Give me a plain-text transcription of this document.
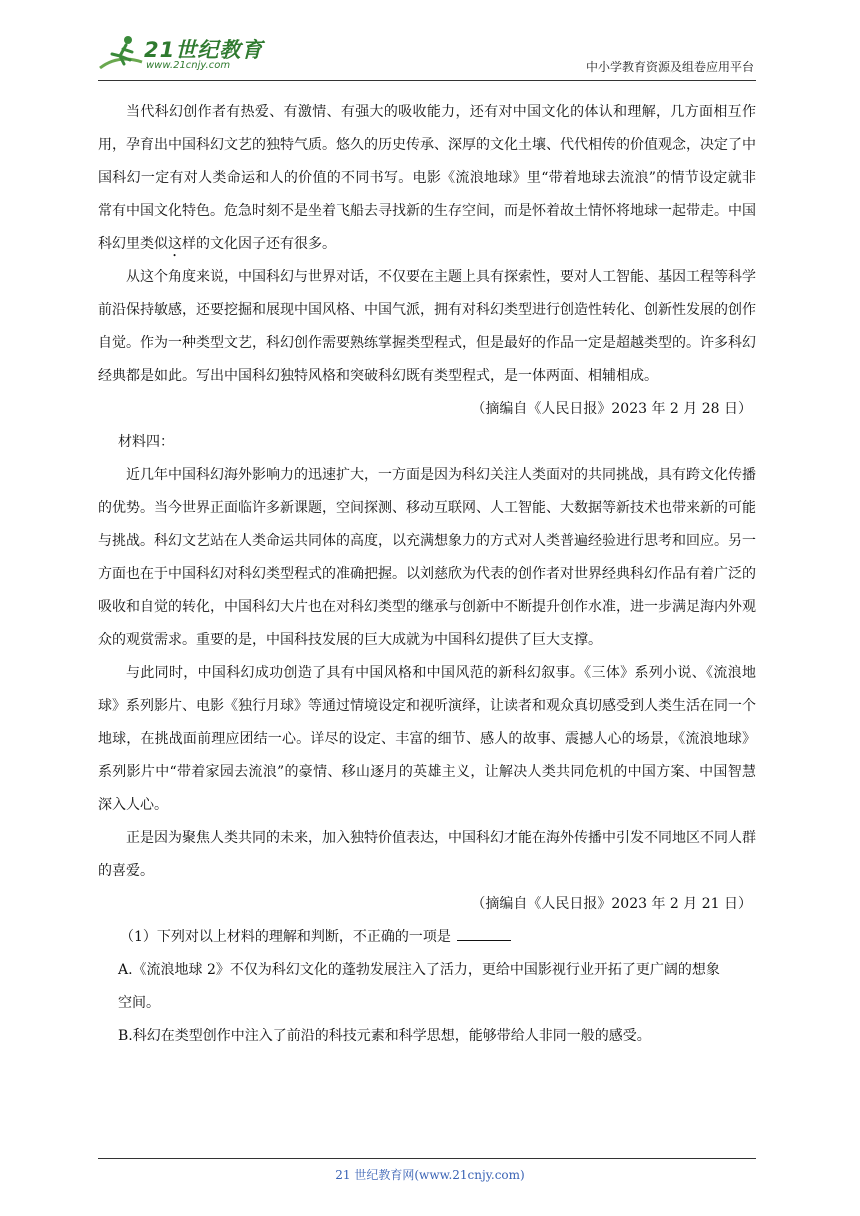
21世纪教育
www.21cnjy.com	中小学教育资源及组卷应用平台

当代科幻创作者有热爱、有激情、有强大的吸收能力，还有对中国文化的体认和理解，几方面相互作用，孕育出中国科幻文艺的独特气质。悠久的历史传承、深厚的文化土壤、代代相传的价值观念，决定了中国科幻一定有对人类命运和人的价值的不同书写。电影《流浪地球》里“带着地球去流浪”的情节设定就非常有中国文化特色。危急时刻不是坐着飞船去寻找新的生存空间，而是怀着故土情怀将地球一起带走。中国科幻里类似这样的文化因子还有很多。

从这个角度来说，中国科幻与世界对话，不仅要在主题上具有探索性，要对人工智能、基因工程等科学前沿保持敏感，还要挖掘和展现中国风格、中国气派，拥有对科幻类型进行创造性转化、创新性发展的创作自觉。作为一种类型文艺，科幻创作需要熟练掌握类型程式，但是最好的作品一定是超越类型的。许多科幻经典都是如此。写出中国科幻独特风格和突破科幻既有类型程式，是一体两面、相辅相成。

（摘编自《人民日报》2023 年 2 月 28 日）

材料四：

近几年中国科幻海外影响力的迅速扩大，一方面是因为科幻关注人类面对的共同挑战，具有跨文化传播的优势。当今世界正面临许多新课题，空间探测、移动互联网、人工智能、大数据等新技术也带来新的可能与挑战。科幻文艺站在人类命运共同体的高度，以充满想象力的方式对人类普遍经验进行思考和回应。另一方面也在于中国科幻对科幻类型程式的准确把握。以刘慈欣为代表的创作者对世界经典科幻作品有着广泛的吸收和自觉的转化，中国科幻大片也在对科幻类型的继承与创新中不断提升创作水准，进一步满足海内外观众的观赏需求。重要的是，中国科技发展的巨大成就为中国科幻提供了巨大支撑。

与此同时，中国科幻成功创造了具有中国风格和中国风范的新科幻叙事。《三体》系列小说、《流浪地球》系列影片、电影《独行月球》等通过情境设定和视听演绎，让读者和观众真切感受到人类生活在同一个地球，在挑战面前理应团结一心。详尽的设定、丰富的细节、感人的故事、震撼人心的场景，《流浪地球》系列影片中“带着家园去流浪”的豪情、移山逐月的英雄主义，让解决人类共同危机的中国方案、中国智慧深入人心。

正是因为聚焦人类共同的未来，加入独特价值表达，中国科幻才能在海外传播中引发不同地区不同人群的喜爱。

（摘编自《人民日报》2023 年 2 月 21 日）

（1）下列对以上材料的理解和判断，不正确的一项是

A.《流浪地球 2》不仅为科幻文化的蓬勃发展注入了活力，更给中国影视行业开拓了更广阔的想象

空间。

B.科幻在类型创作中注入了前沿的科技元素和科学思想，能够带给人非同一般的感受。

21 世纪教育网(www.21cnjy.com)
